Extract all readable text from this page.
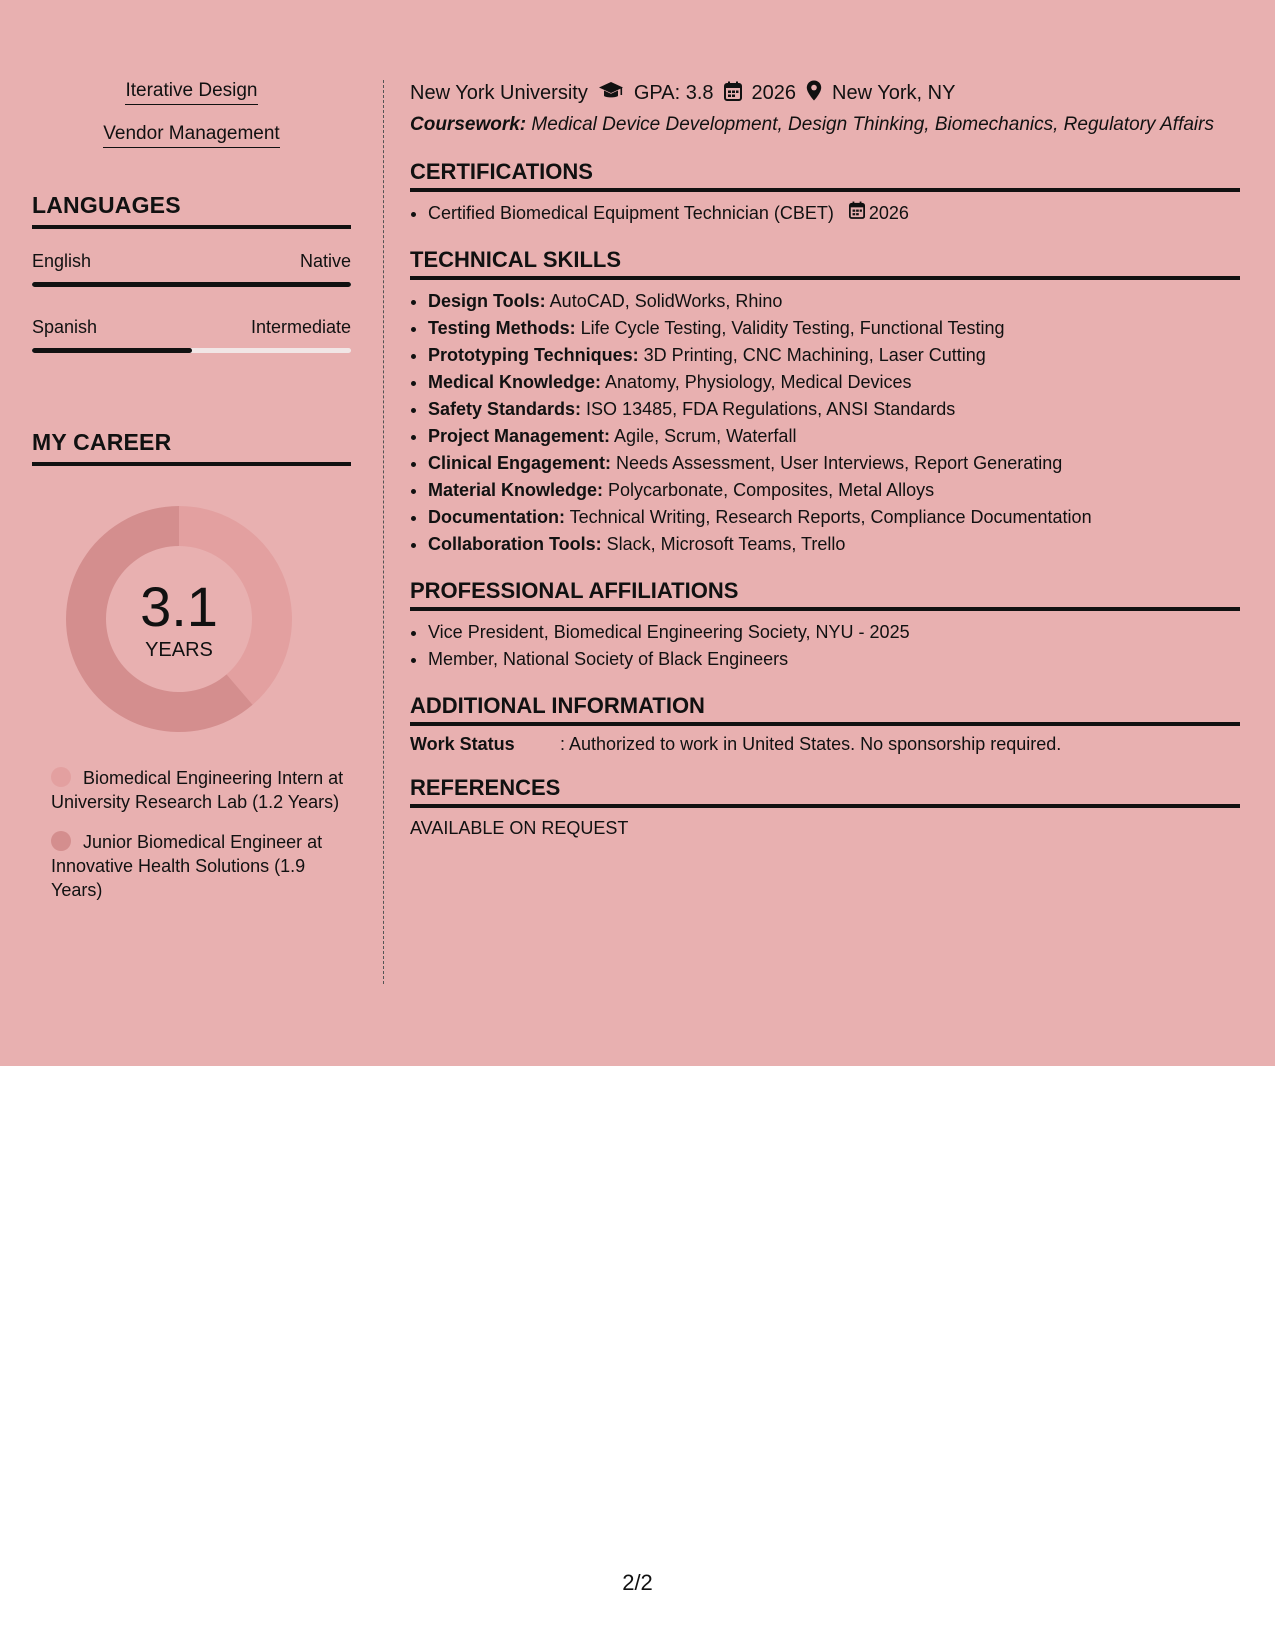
Iterative Design
Vendor Management
LANGUAGES
English	Native
Spanish	Intermediate
MY CAREER
3.1
YEARS
Biomedical Engineering Intern at University Research Lab (1.2 Years)
Junior Biomedical Engineer at Innovative Health Solutions (1.9 Years)
New York University GPA: 3.8 2026 New York, NY
Coursework: Medical Device Development, Design Thinking, Biomechanics, Regulatory Affairs
CERTIFICATIONS
• Certified Biomedical Equipment Technician (CBET) 2026
TECHNICAL SKILLS
• Design Tools: AutoCAD, SolidWorks, Rhino
• Testing Methods: Life Cycle Testing, Validity Testing, Functional Testing
• Prototyping Techniques: 3D Printing, CNC Machining, Laser Cutting
• Medical Knowledge: Anatomy, Physiology, Medical Devices
• Safety Standards: ISO 13485, FDA Regulations, ANSI Standards
• Project Management: Agile, Scrum, Waterfall
• Clinical Engagement: Needs Assessment, User Interviews, Report Generating
• Material Knowledge: Polycarbonate, Composites, Metal Alloys
• Documentation: Technical Writing, Research Reports, Compliance Documentation
• Collaboration Tools: Slack, Microsoft Teams, Trello
PROFESSIONAL AFFILIATIONS
• Vice President, Biomedical Engineering Society, NYU - 2025
• Member, National Society of Black Engineers
ADDITIONAL INFORMATION
Work Status	: Authorized to work in United States. No sponsorship required.
REFERENCES
AVAILABLE ON REQUEST
2/2
